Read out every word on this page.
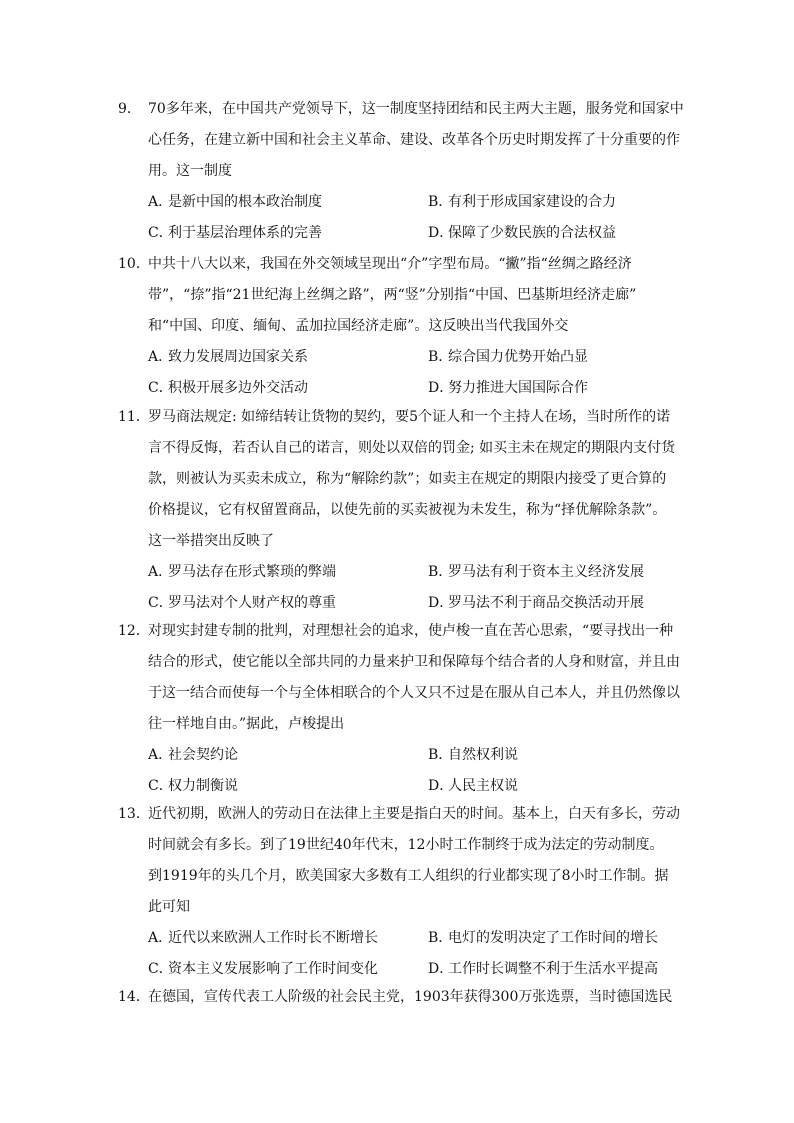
9． 70多年来，在中国共产党领导下，这一制度坚持团结和民主两大主题，服务党和国家中
心任务，在建立新中国和社会主义革命、建设、改革各个历史时期发挥了十分重要的作
用。这一制度
A．是新中国的根本政治制度	B．有利于形成国家建设的合力
C．利于基层治理体系的完善	D．保障了少数民族的合法权益
10．
中共十八大以来，我国在外交领域呈现出“介”字型布局。“撇”指“丝绸之路经济
带”，“捺”指“21世纪海上丝绸之路”，两“竖”分别指“中国、巴基斯坦经济走廊”
和“中国、印度、缅甸、孟加拉国经济走廊”。这反映出当代我国外交
A．致力发展周边国家关系	B．综合国力优势开始凸显
C．积极开展多边外交活动	D．努力推进大国国际合作
11．
罗马商法规定: 如缔结转让货物的契约，要5个证人和一个主持人在场，当时所作的诺
言不得反悔，若否认自己的诺言，则处以双倍的罚金; 如买主未在规定的期限内支付货
款，则被认为买卖未成立，称为“解除约款”；如卖主在规定的期限内接受了更合算的
价格提议，它有权留置商品，以使先前的买卖被视为未发生，称为“择优解除条款”。
这一举措突出反映了
A．罗马法存在形式繁琐的弊端	B．罗马法有利于资本主义经济发展
C．罗马法对个人财产权的尊重	D．罗马法不利于商品交换活动开展
12．
对现实封建专制的批判，对理想社会的追求，使卢梭一直在苦心思索，“要寻找出一种
结合的形式，使它能以全部共同的力量来护卫和保障每个结合者的人身和财富，并且由
于这一结合而使每一个与全体相联合的个人又只不过是在服从自己本人，并且仍然像以
往一样地自由。”据此，卢梭提出
A．社会契约论	B．自然权利说
C．权力制衡说	D．人民主权说
13．
近代初期，欧洲人的劳动日在法律上主要是指白天的时间。基本上，白天有多长，劳动
时间就会有多长。到了19世纪40年代末，12小时工作制终于成为法定的劳动制度。
到1919年的头几个月，欧美国家大多数有工人组织的行业都实现了8小时工作制。据
此可知
A．近代以来欧洲人工作时长不断增长	B．电灯的发明决定了工作时间的增长
C．资本主义发展影响了工作时间变化	D．工作时长调整不利于生活水平提高
14．
在德国，宣传代表工人阶级的社会民主党，1903年获得300万张选票，当时德国选民
